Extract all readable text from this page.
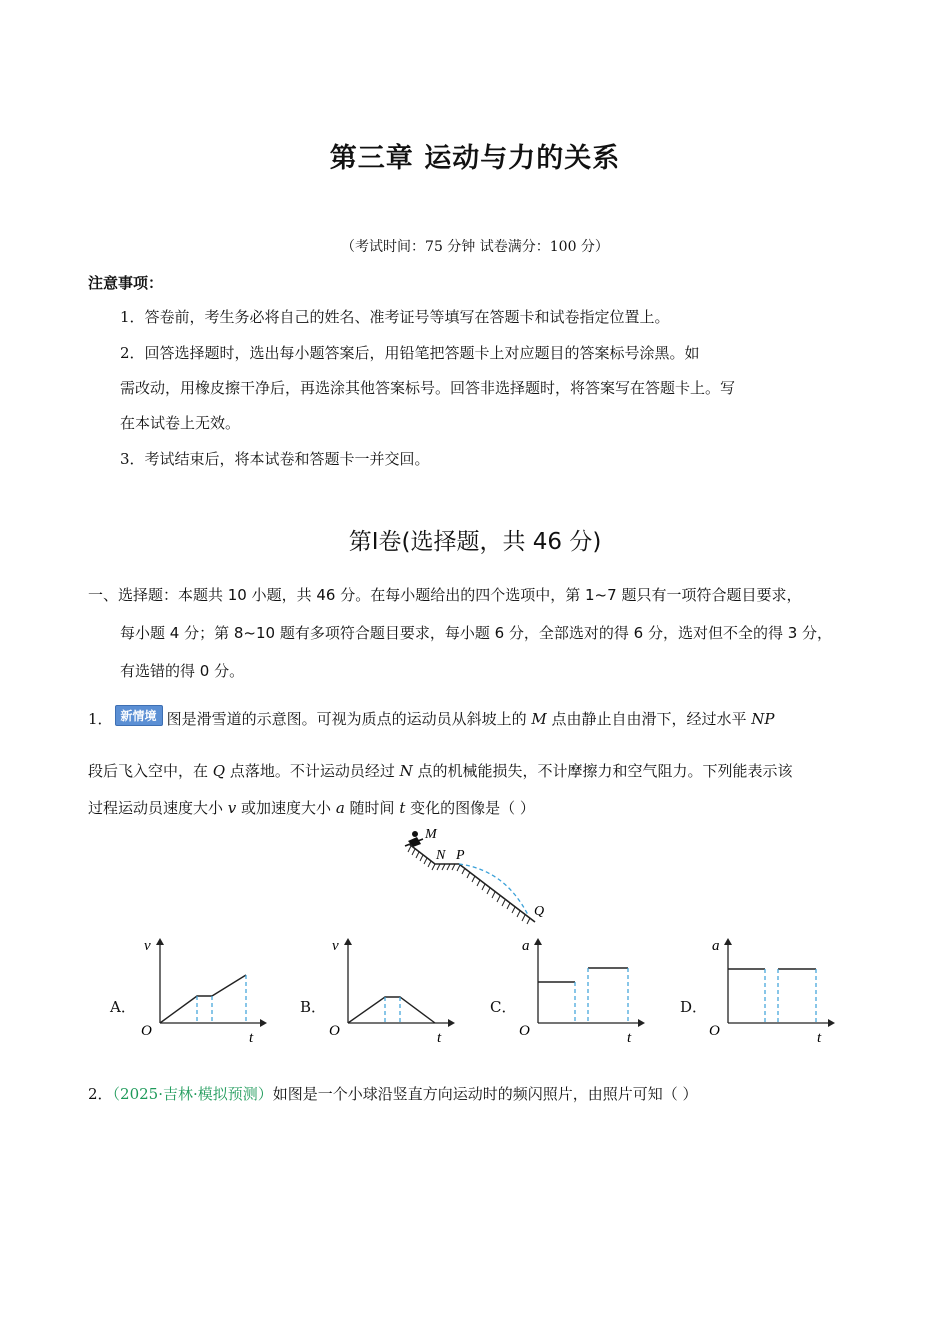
第三章 运动与力的关系
（考试时间：75 分钟 试卷满分：100 分）
注意事项：
1．答卷前，考生务必将自己的姓名、准考证号等填写在答题卡和试卷指定位置上。
2．回答选择题时，选出每小题答案后，用铅笔把答题卡上对应题目的答案标号涂黑。如
需改动，用橡皮擦干净后，再选涂其他答案标号。回答非选择题时，将答案写在答题卡上。写
在本试卷上无效。
3．考试结束后，将本试卷和答题卡一并交回。
第Ⅰ卷(选择题，共 46 分)
一、选择题：本题共 10 小题，共 46 分。在每小题给出的四个选项中，第 1~7 题只有一项符合题目要求，
每小题 4 分；第 8~10 题有多项符合题目要求，每小题 6 分，全部选对的得 6 分，选对但不全的得 3 分，
有选错的得 0 分。
1． 新情境 图是滑雪道的示意图。可视为质点的运动员从斜坡上的 M 点由静止自由滑下，经过水平 NP
段后飞入空中，在 Q 点落地。不计运动员经过 N 点的机械能损失，不计摩擦力和空气阻力。下列能表示该
过程运动员速度大小 v 或加速度大小 a 随时间 t 变化的图像是（ ）
M
N P
Q
A．
v
t
O
B．
v
t
O
C．
a
t
O
D．
a
t
O
2．（2025·吉林·模拟预测）如图是一个小球沿竖直方向运动时的频闪照片，由照片可知（ ）
